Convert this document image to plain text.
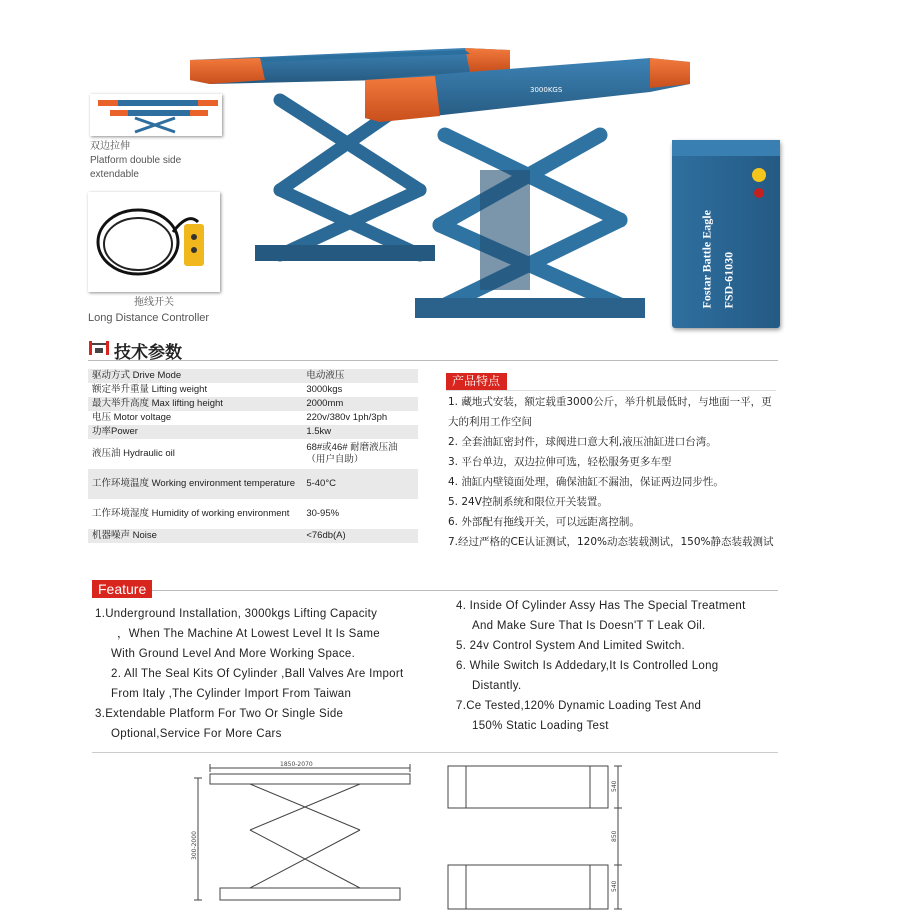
3000KGS
Fostar Battle Eagle FSD-61030
双边拉伸
Platform double side extendable
拖线开关
Long Distance Controller
技术参数
驱动方式 Drive Mode	电动液压
额定举升重量 Lifting weight	3000kgs
最大举升高度 Max lifting height	2000mm
电压 Motor voltage	220v/380v 1ph/3ph
功率Power	1.5kw
液压油 Hydraulic oil	68#或46# 耐磨液压油（用户自助）
工作环境温度 Working environment temperature	5-40°C
工作环境湿度 Humidity of working environment	30-95%
机器噪声 Noise	<76db(A)
产品特点
1. 藏地式安装，额定载重3000公斤，举升机最低时，与地面一平，更大的利用工作空间
2. 全套油缸密封件，球阀进口意大利,液压油缸进口台湾。
3. 平台单边，双边拉伸可选，轻松服务更多车型
4. 油缸内壁镜面处理，确保油缸不漏油，保证两边同步性。
5. 24V控制系统和限位开关装置。
6. 外部配有拖线开关，可以远距离控制。
7.经过严格的CE认证测试，120%动态装载测试，150%静态装载测试
Feature
1.Underground Installation, 3000kgs Lifting Capacity
，When The Machine At Lowest Level It Is Same
With Ground Level And More Working Space.
2. All The Seal Kits Of Cylinder ,Ball Valves Are Import
From Italy ,The Cylinder Import From Taiwan
3.Extendable Platform For Two Or Single Side
Optional,Service For More Cars
4. Inside Of Cylinder Assy Has The Special Treatment
And Make Sure That Is Doesn'T T Leak Oil.
5. 24v Control System And Limited Switch.
6. While Switch Is Addedary,It Is Controlled Long
Distantly.
7.Ce Tested,120% Dynamic Loading Test And
150% Static Loading Test
1850-2070
300-2000
540
850
540
